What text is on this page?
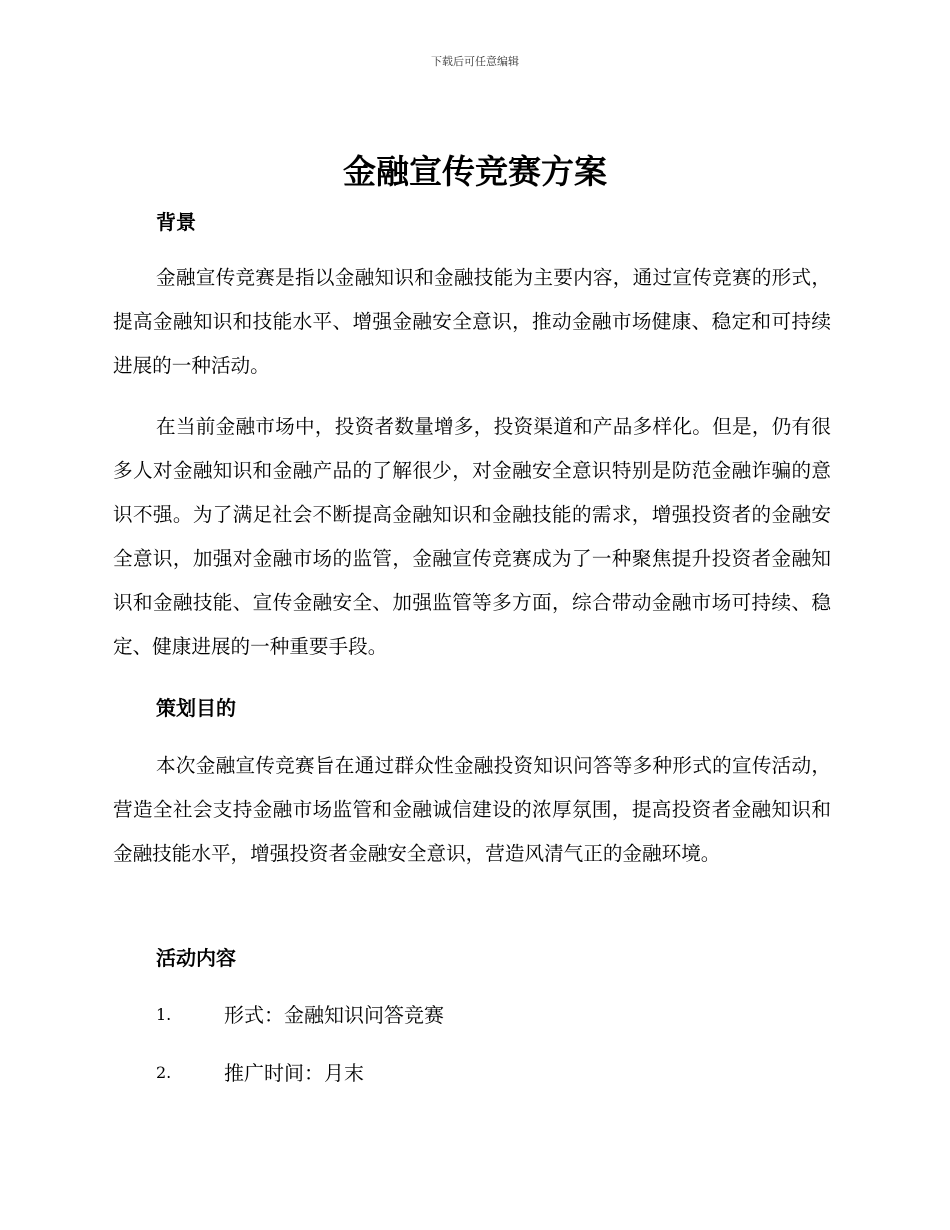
下载后可任意编辑
金融宣传竞赛方案
背景

金融宣传竞赛是指以金融知识和金融技能为主要内容，通过宣传竞赛的形式，提高金融知识和技能水平、增强金融安全意识，推动金融市场健康、稳定和可持续进展的一种活动。

在当前金融市场中，投资者数量增多，投资渠道和产品多样化。但是，仍有很多人对金融知识和金融产品的了解很少，对金融安全意识特别是防范金融诈骗的意识不强。为了满足社会不断提高金融知识和金融技能的需求，增强投资者的金融安全意识，加强对金融市场的监管，金融宣传竞赛成为了一种聚焦提升投资者金融知识和金融技能、宣传金融安全、加强监管等多方面，综合带动金融市场可持续、稳定、健康进展的一种重要手段。

策划目的

本次金融宣传竞赛旨在通过群众性金融投资知识问答等多种形式的宣传活动，营造全社会支持金融市场监管和金融诚信建设的浓厚氛围，提高投资者金融知识和金融技能水平，增强投资者金融安全意识，营造风清气正的金融环境。

活动内容
1.	形式：金融知识问答竞赛
2.	推广时间：月末
